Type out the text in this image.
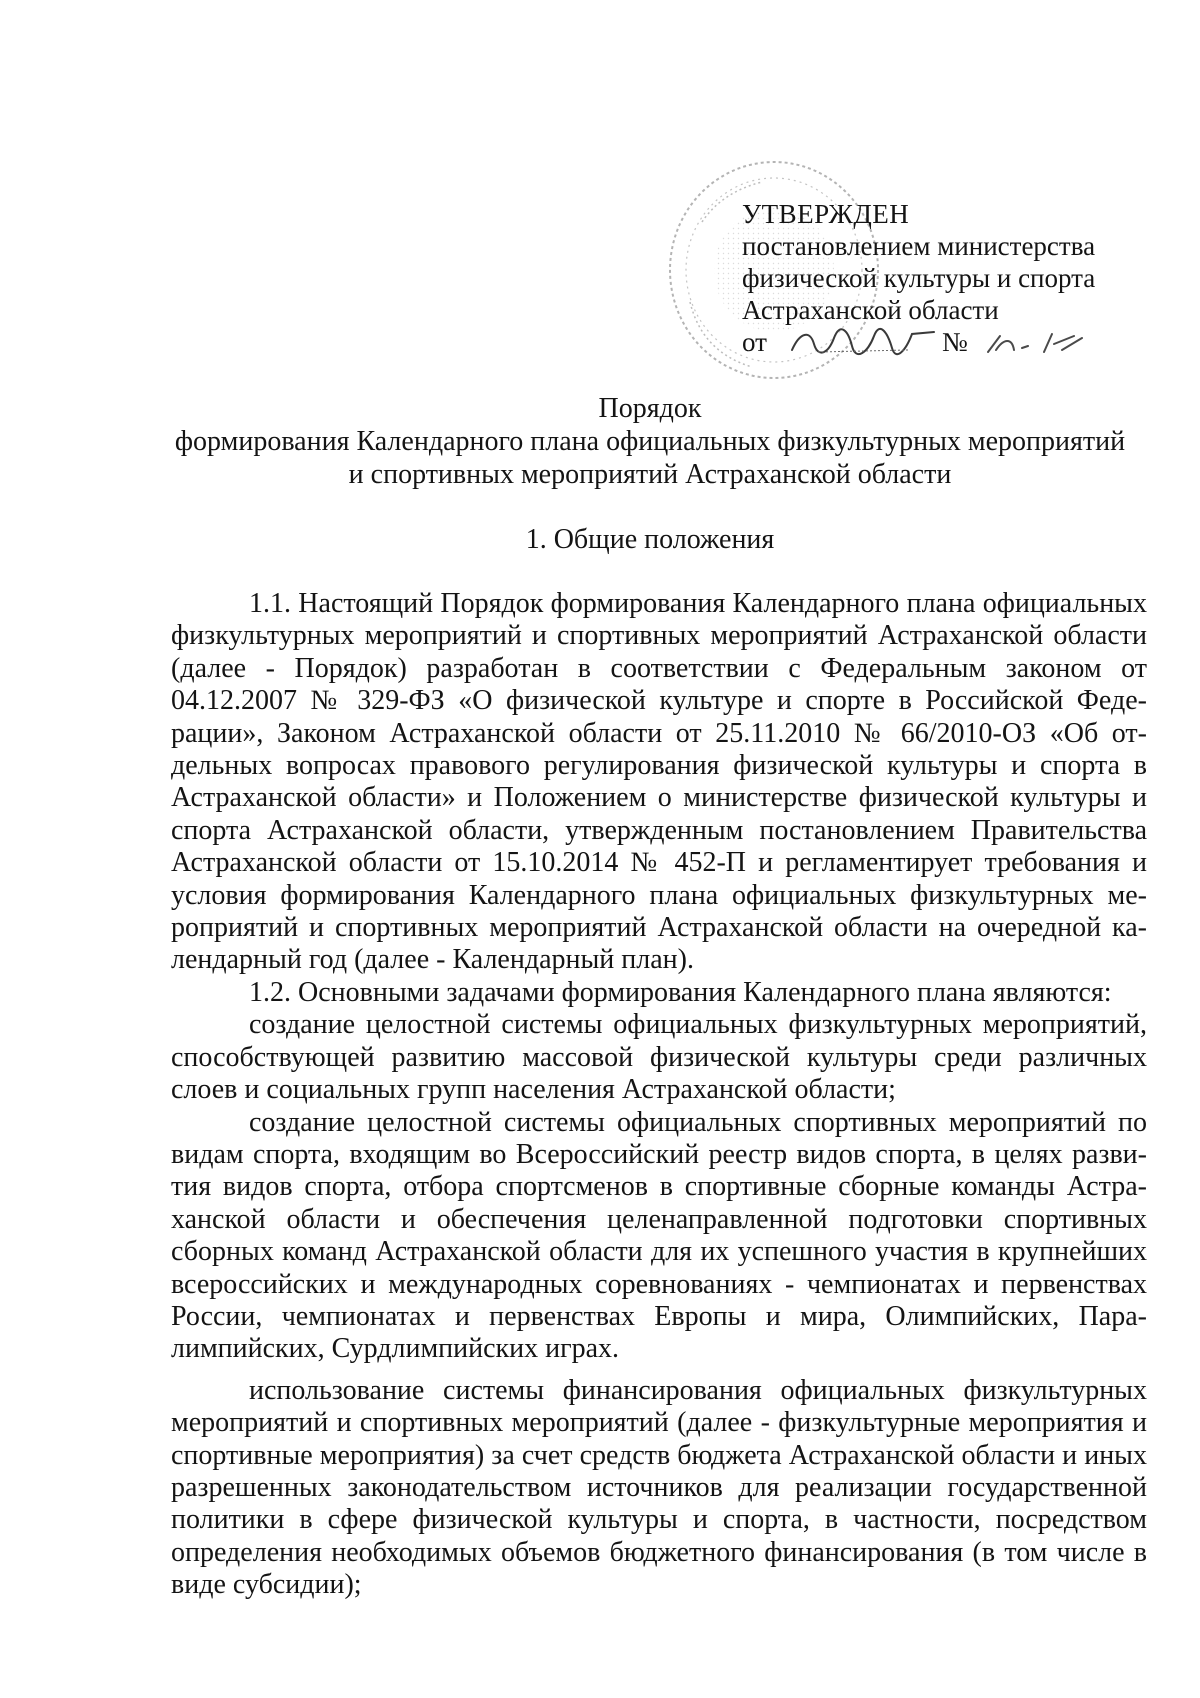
УТВЕРЖДЕН
постановлением министерства
физической культуры и спорта
Астраханской области
от	№
Порядок
формирования Календарного плана официальных физкультурных мероприятий
и спортивных мероприятий Астраханской области
1. Общие положения

1.1. Настоящий Порядок формирования Календарного плана официальных физкультурных мероприятий и спортивных мероприятий Астраханской области (далее - Порядок) разработан в соответствии с Федеральным законом от 04.12.2007 № 329-ФЗ «О физической культуре и спорте в Российской Федерации», Законом Астраханской области от 25.11.2010 № 66/2010-ОЗ «Об отдельных вопросах правового регулирования физической культуры и спорта в Астраханской области» и Положением о министерстве физической культуры и спорта Астраханской области, утвержденным постановлением Правительства Астраханской области от 15.10.2014 № 452-П и регламентирует требования и условия формирования Календарного плана официальных физкультурных мероприятий и спортивных мероприятий Астраханской области на очередной календарный год (далее - Календарный план).

1.2. Основными задачами формирования Календарного плана являются:

создание целостной системы официальных физкультурных мероприятий, способствующей развитию массовой физической культуры среди различных слоев и социальных групп населения Астраханской области;

создание целостной системы официальных спортивных мероприятий по видам спорта, входящим во Всероссийский реестр видов спорта, в целях развития видов спорта, отбора спортсменов в спортивные сборные команды Астраханской области и обеспечения целенаправленной подготовки спортивных сборных команд Астраханской области для их успешного участия в крупнейших всероссийских и международных соревнованиях - чемпионатах и первенствах России, чемпионатах и первенствах Европы и мира, Олимпийских, Паралимпийских, Сурдлимпийских играх.

использование системы финансирования официальных физкультурных мероприятий и спортивных мероприятий (далее - физкультурные мероприятия и спортивные мероприятия) за счет средств бюджета Астраханской области и иных разрешенных законодательством источников для реализации государственной политики в сфере физической культуры и спорта, в частности, посредством определения необходимых объемов бюджетного финансирования (в том числе в виде субсидии);
